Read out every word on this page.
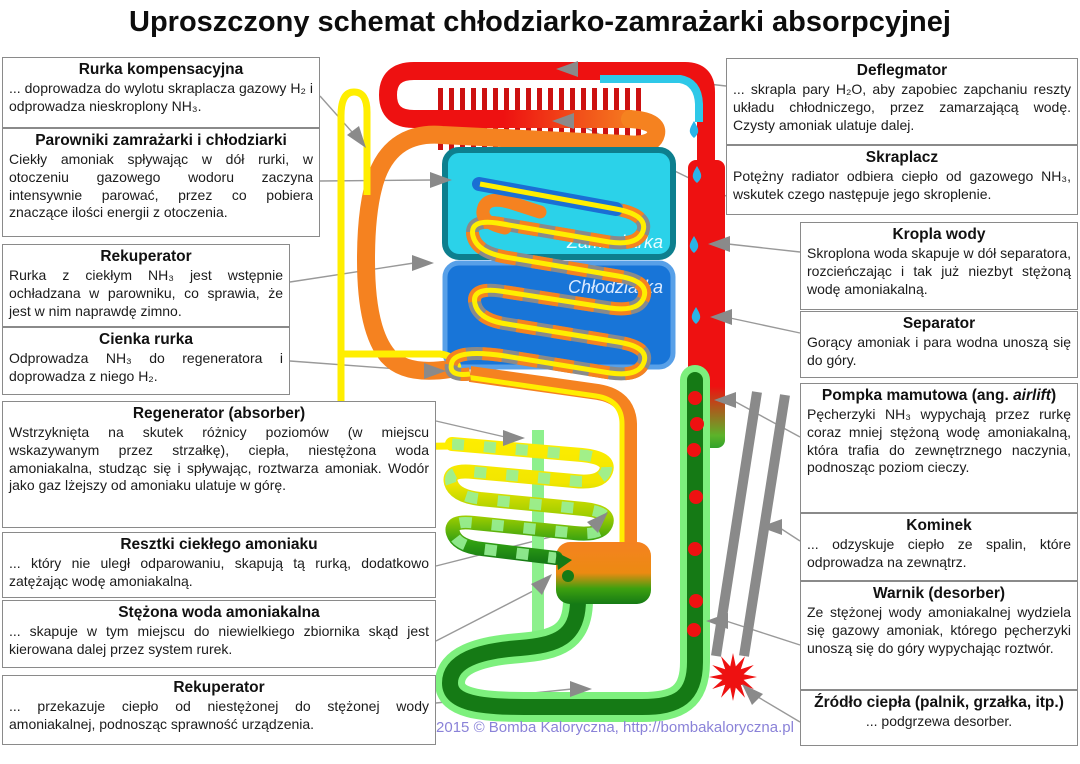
Uproszczony schemat chłodziarko-zamrażarki absorpcyjnej
Zamrażarka
Chłodziarka
Rurka kompensacyjna
... doprowadza do wylotu skraplacza gazowy H₂ i odprowadza nieskroplony NH₃.
Parowniki zamrażarki i chłodziarki
Ciekły amoniak spływając w dół rurki, w otoczeniu gazowego wodoru zaczyna intensywnie parować, przez co pobiera znaczące ilości energii z otoczenia.
Rekuperator
Rurka z ciekłym NH₃ jest wstępnie ochładzana w parowniku, co sprawia, że jest w nim naprawdę zimno.
Cienka rurka
Odprowadza NH₃ do regeneratora i doprowadza z niego H₂.
Regenerator (absorber)
Wstrzyknięta na skutek różnicy poziomów (w miejscu wskazywanym przez strzałkę), ciepła, niestężona woda amoniakalna, studząc się i spływając, roztwarza amoniak. Wodór jako gaz lżejszy od amoniaku ulatuje w górę.
Resztki ciekłego amoniaku
... który nie uległ odparowaniu, skapują tą rurką, dodatkowo zatężając wodę amoniakalną.
Stężona woda amoniakalna
... skapuje w tym miejscu do niewielkiego zbiornika skąd jest kierowana dalej przez system rurek.
Rekuperator
... przekazuje ciepło od niestężonej do stężonej wody amoniakalnej, podnosząc sprawność urządzenia.
Deflegmator
... skrapla pary H₂O, aby zapobiec zapchaniu reszty układu chłodniczego, przez zamarzającą wodę. Czysty amoniak ulatuje dalej.
Skraplacz
Potężny radiator odbiera ciepło od gazowego NH₃, wskutek czego następuje jego skroplenie.
Kropla wody
Skroplona woda skapuje w dół separatora, rozcieńczając i tak już niezbyt stężoną wodę amoniakalną.
Separator
Gorący amoniak i para wodna unoszą się do góry.
Pompka mamutowa (ang. airlift)
Pęcherzyki NH₃ wypychają przez rurkę coraz mniej stężoną wodę amoniakalną, która trafia do zewnętrznego naczynia, podnosząc poziom cieczy.
Kominek
... odzyskuje ciepło ze spalin, które odprowadza na zewnątrz.
Warnik (desorber)
Ze stężonej wody amoniakalnej wydziela się gazowy amoniak, którego pęcherzyki unoszą się do góry wypychając roztwór.
Źródło ciepła (palnik, grzałka, itp.)
... podgrzewa desorber.
2015 © Bomba Kaloryczna, http://bombakaloryczna.pl
